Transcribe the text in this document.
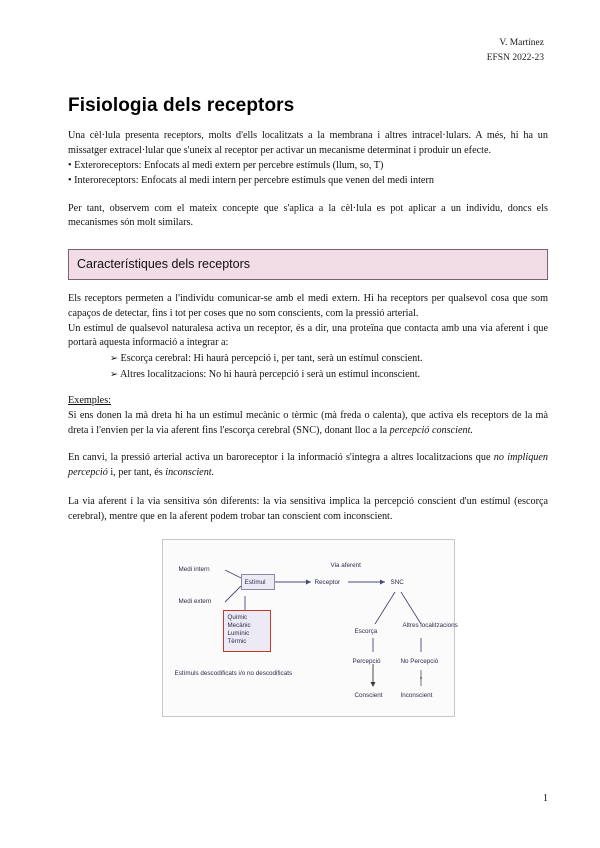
V. Martínez
EFSN 2022-23
Fisiologia dels receptors

Una cèl·lula presenta receptors, molts d'ells localitzats a la membrana i altres intracel·lulars. A més, hi ha un missatger extracel·lular que s'uneix al receptor per activar un mecanisme determinat i produir un efecte.

• Exteroreceptors: Enfocats al medi extern per percebre estímuls (llum, so, T)
• Interoreceptors: Enfocats al medi intern per percebre estímuls que venen del medi intern

Per tant, observem com el mateix concepte que s'aplica a la cèl·lula es pot aplicar a un individu, doncs els mecanismes són molt similars.

Característiques dels receptors

Els receptors permeten a l'individu comunicar-se amb el medi extern. Hi ha receptors per qualsevol cosa que som capaços de detectar, fins i tot per coses que no som conscients, com la pressió arterial.

Un estímul de qualsevol naturalesa activa un receptor, és a dir, una proteïna que contacta amb una via aferent i que portarà aquesta informació a integrar a:

➢ Escorça cerebral: Hi haurà percepció i, per tant, serà un estímul conscient.
➢ Altres localitzacions: No hi haurà percepció i serà un estímul inconscient.
Exemples:

Si ens donen la mà dreta hi ha un estímul mecànic o tèrmic (mà freda o calenta), que activa els receptors de la mà dreta i l'envien per la via aferent fins l'escorça cerebral (SNC), donant lloc a la percepció conscient.

En canvi, la pressió arterial activa un baroreceptor i la informació s'integra a altres localitzacions que no impliquen percepció i, per tant, és inconscient.

La via aferent i la via sensitiva són diferents: la via sensitiva implica la percepció conscient d'un estímul (escorça cerebral), mentre que en la aferent podem trobar tan conscient com inconscient.

Medi intern
Medi extern
Estímul	Receptor
Via aferent
SNC
Químic
Mecànic
Lumínic
Tèrmic
Escorça
Altres localitzacions
Percepció	No Percepció
Conscient	Inconscient
Estímuls descodificats i/o no descodificats
1
